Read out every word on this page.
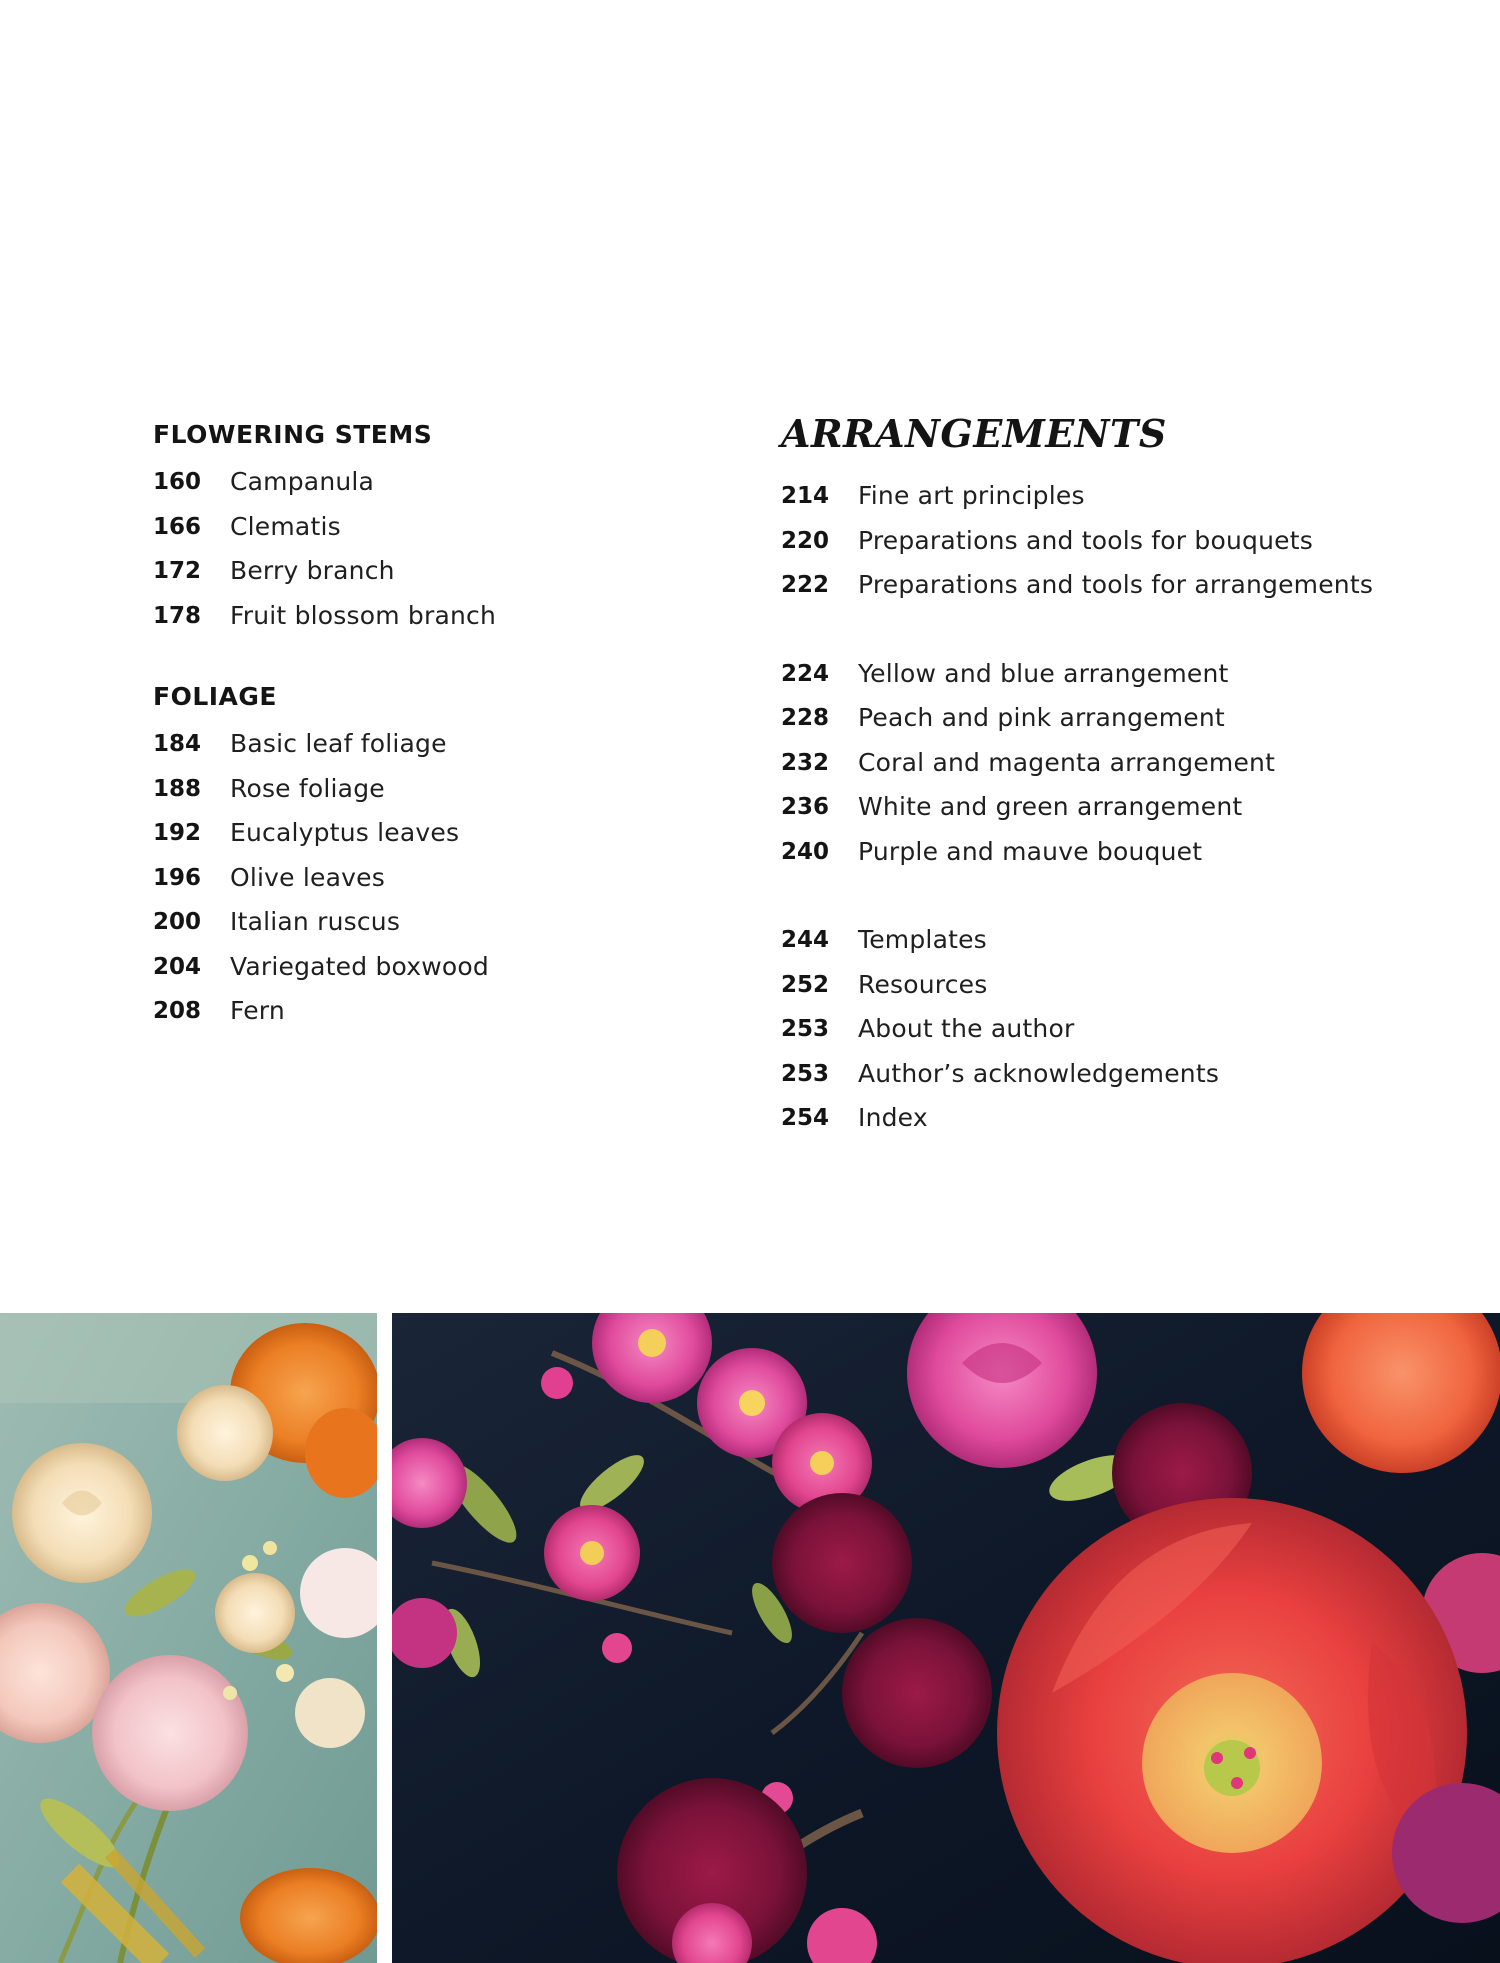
FLOWERING STEMS
160 Campanula
166 Clematis
172 Berry branch
178 Fruit blossom branch
FOLIAGE
184 Basic leaf foliage
188 Rose foliage
192 Eucalyptus leaves
196 Olive leaves
200 Italian ruscus
204 Variegated boxwood
208 Fern
ARRANGEMENTS
214 Fine art principles
220 Preparations and tools for bouquets
222 Preparations and tools for arrangements
224 Yellow and blue arrangement
228 Peach and pink arrangement
232 Coral and magenta arrangement
236 White and green arrangement
240 Purple and mauve bouquet
244 Templates
252 Resources
253 About the author
253 Author’s acknowledgements
254 Index
